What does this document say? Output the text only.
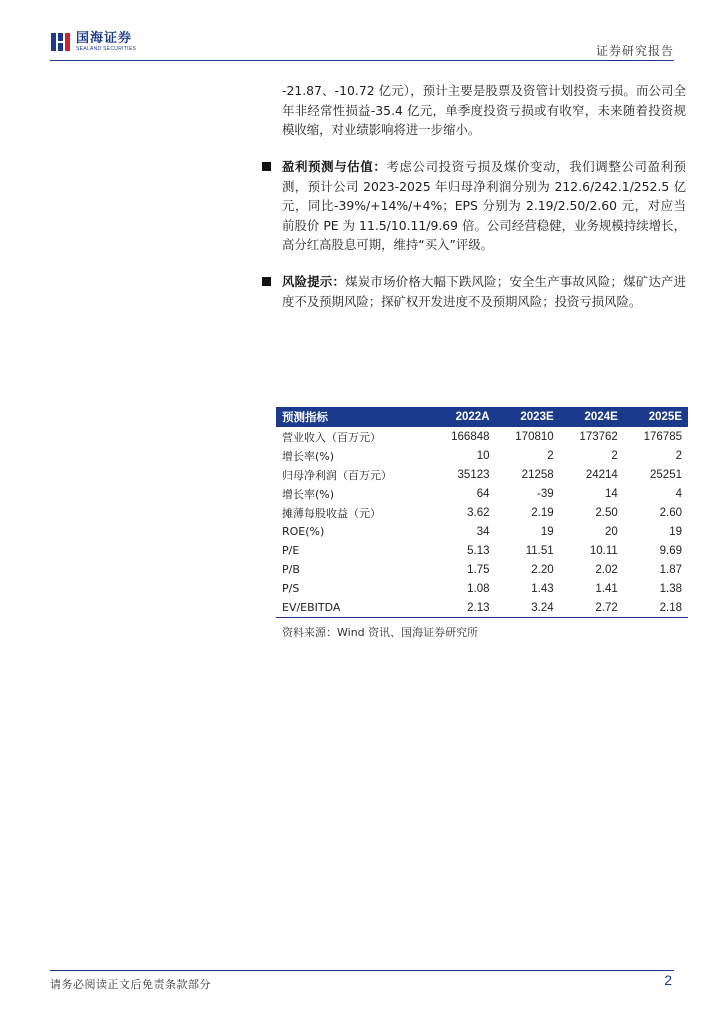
国海证券
SEALAND SECURITIES	证券研究报告
-21.87、-10.72 亿元），预计主要是股票及资管计划投资亏损。而公司全年非经常性损益-35.4 亿元，单季度投资亏损或有收窄，未来随着投资规模收缩，对业绩影响将进一步缩小。
盈利预测与估值：考虑公司投资亏损及煤价变动，我们调整公司盈利预测，预计公司 2023-2025 年归母净利润分别为 212.6/242.1/252.5 亿元，同比-39%/+14%/+4%；EPS 分别为 2.19/2.50/2.60 元，对应当前股价 PE 为 11.5/10.11/9.69 倍。公司经营稳健，业务规模持续增长，高分红高股息可期，维持“买入”评级。
风险提示：煤炭市场价格大幅下跌风险；安全生产事故风险；煤矿达产进度不及预期风险；探矿权开发进度不及预期风险；投资亏损风险。
预测指标	2022A	2023E	2024E	2025E
营业收入（百万元）	166848	170810	173762	176785
增长率(%)	10	2	2	2
归母净利润（百万元）	35123	21258	24214	25251
增长率(%)	64	-39	14	4
摊薄每股收益（元）	3.62	2.19	2.50	2.60
ROE(%)	34	19	20	19
P/E	5.13	11.51	10.11	9.69
P/B	1.75	2.20	2.02	1.87
P/S	1.08	1.43	1.41	1.38
EV/EBITDA	2.13	3.24	2.72	2.18
资料来源：Wind 资讯、国海证券研究所
请务必阅读正文后免责条款部分	2
